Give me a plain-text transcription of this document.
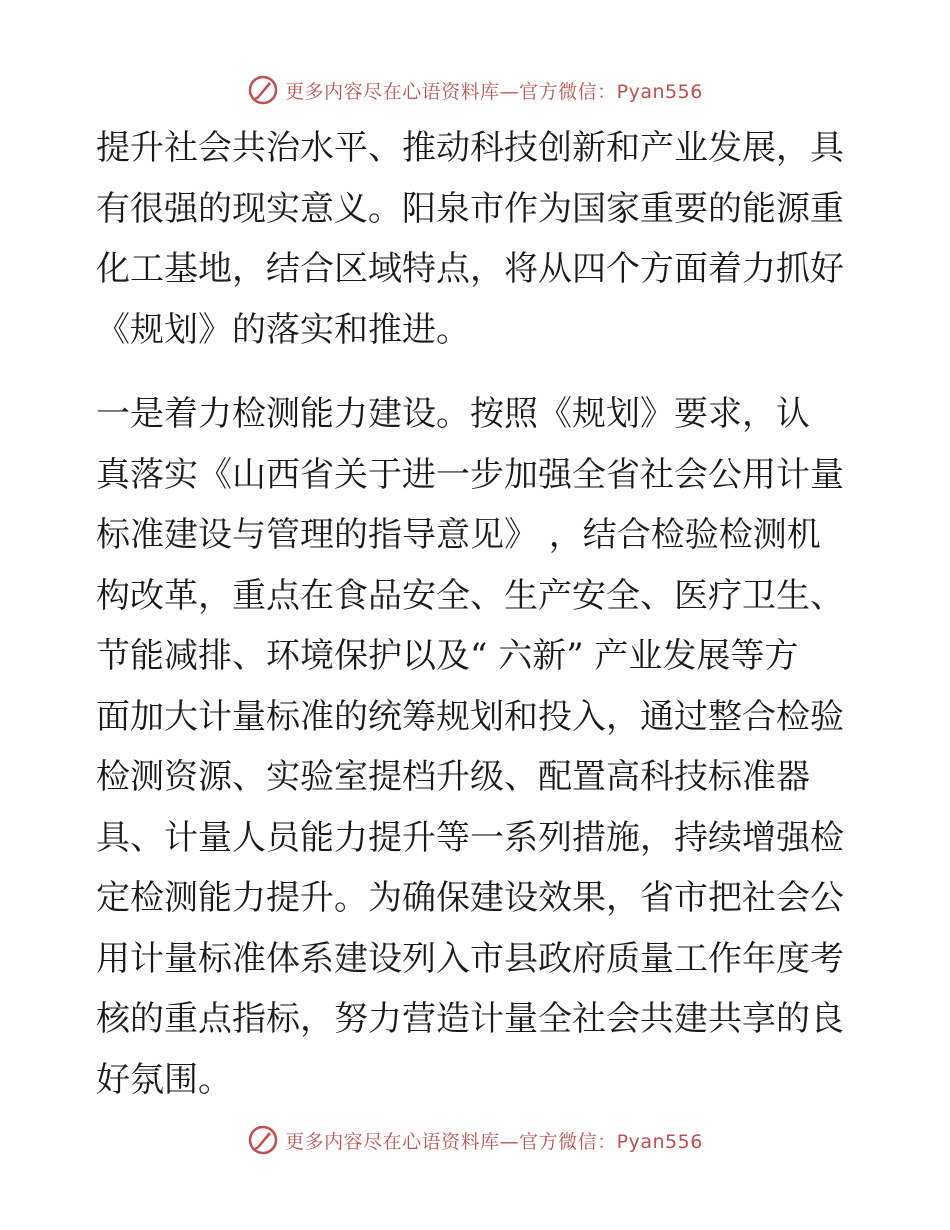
更多内容尽在心语资料库—官方微信：Pyan556
提升社会共治水平、推动科技创新和产业发展，具
有很强的现实意义。阳泉市作为国家重要的能源重
化工基地，结合区域特点，将从四个方面着力抓好
《规划》的落实和推进。
一是着力检测能力建设。按照《规划》要求，认
真落实《山西省关于进一步加强全省社会公用计量
标准建设与管理的指导意见》 ，结合检验检测机
构改革，重点在食品安全、生产安全、医疗卫生、
节能减排、环境保护以及“ 六新” 产业发展等方
面加大计量标准的统筹规划和投入，通过整合检验
检测资源、实验室提档升级、配置高科技标准器
具、计量人员能力提升等一系列措施，持续增强检
定检测能力提升。为确保建设效果，省市把社会公
用计量标准体系建设列入市县政府质量工作年度考
核的重点指标，努力营造计量全社会共建共享的良
好氛围。
更多内容尽在心语资料库—官方微信：Pyan556
